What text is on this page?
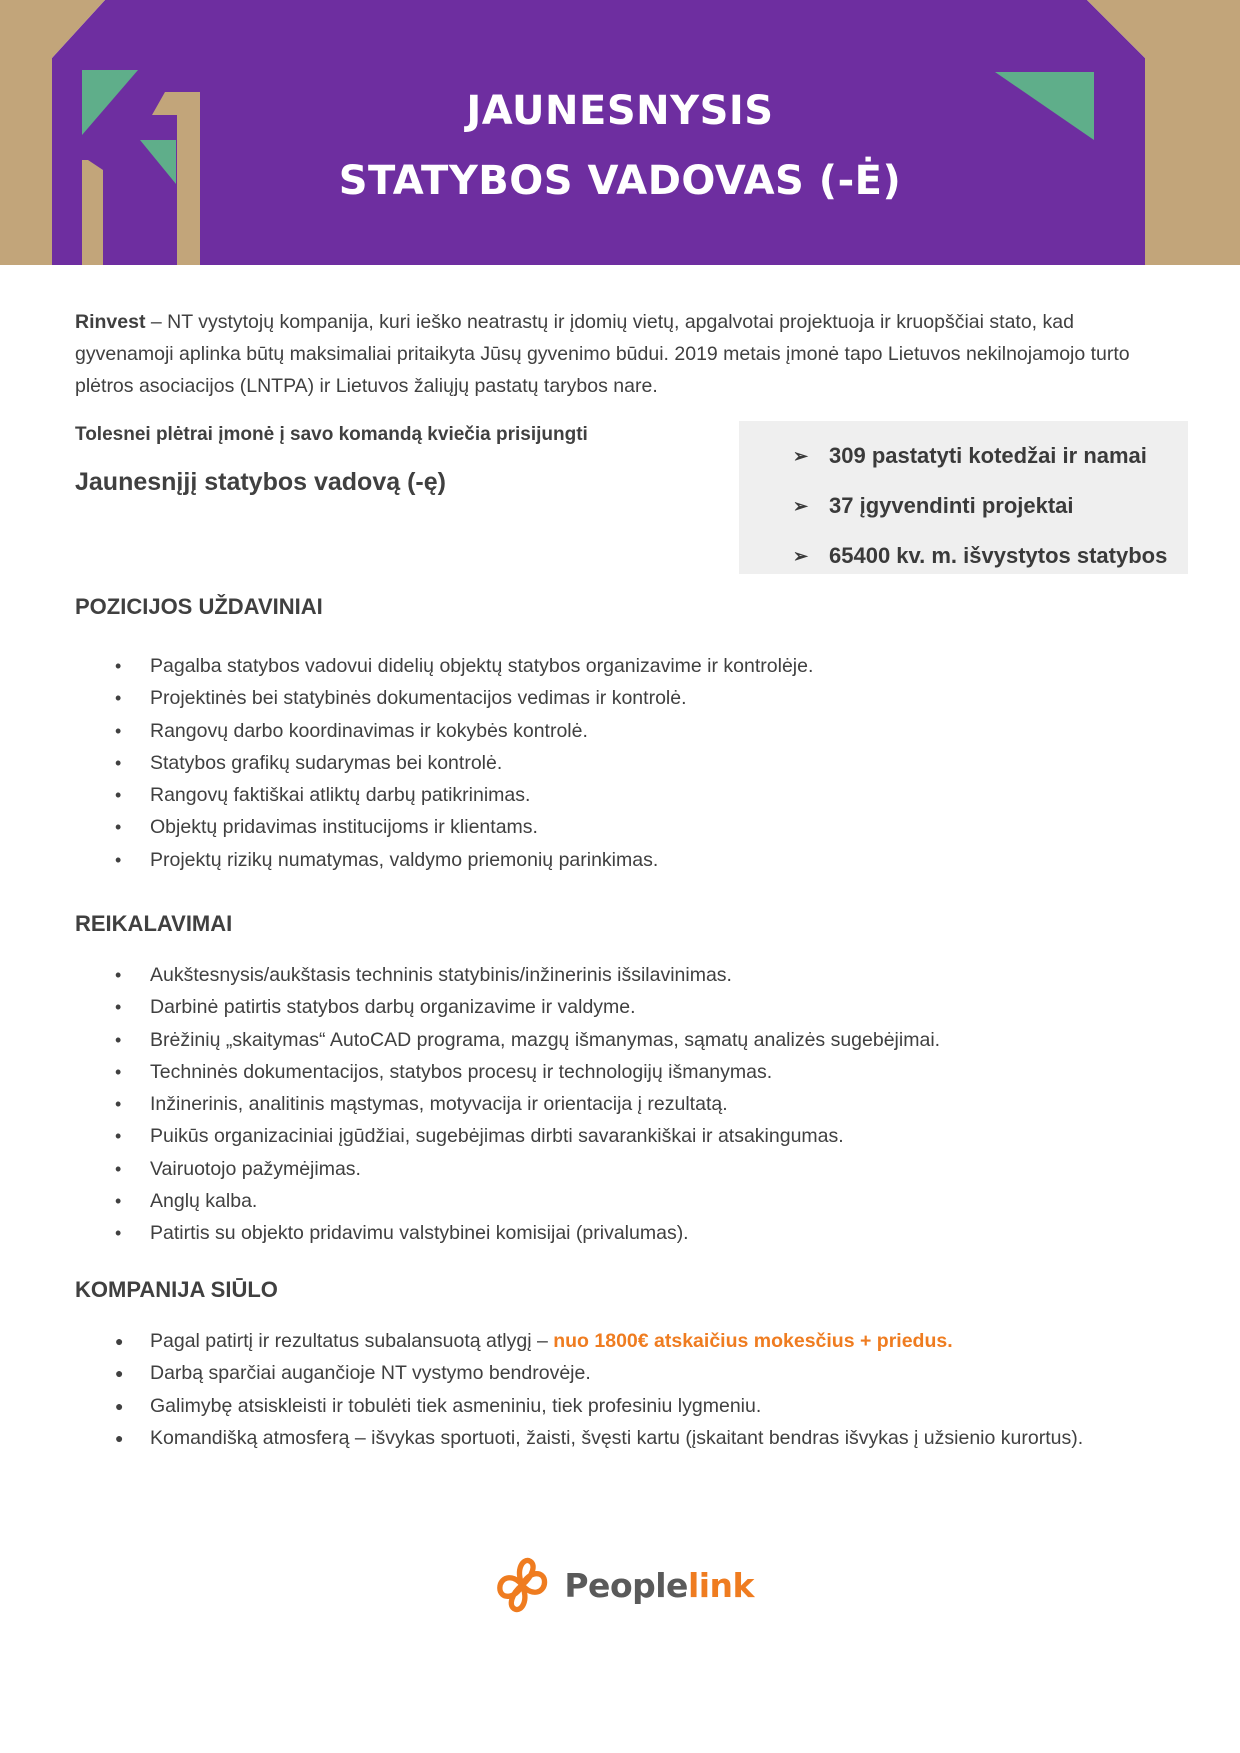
JAUNESNYSIS
STATYBOS VADOVAS (-Ė)

Rinvest – NT vystytojų kompanija, kuri ieško neatrastų ir įdomių vietų, apgalvotai projektuoja ir kruopščiai stato, kad gyvenamoji aplinka būtų maksimaliai pritaikyta Jūsų gyvenimo būdui. 2019 metais įmonė tapo Lietuvos nekilnojamojo turto plėtros asociacijos (LNTPA) ir Lietuvos žaliųjų pastatų tarybos nare.

Tolesnei plėtrai įmonė į savo komandą kviečia prisijungti
Jaunesnįjį statybos vadovą (-ę)
➢ 309 pastatyti kotedžai ir namai
➢ 37 įgyvendinti projektai
➢ 65400 kv. m. išvystytos statybos
POZICIJOS UŽDAVINIAI
• Pagalba statybos vadovui didelių objektų statybos organizavime ir kontrolėje.
• Projektinės bei statybinės dokumentacijos vedimas ir kontrolė.
• Rangovų darbo koordinavimas ir kokybės kontrolė.
• Statybos grafikų sudarymas bei kontrolė.
• Rangovų faktiškai atliktų darbų patikrinimas.
• Objektų pridavimas institucijoms ir klientams.
• Projektų rizikų numatymas, valdymo priemonių parinkimas.
REIKALAVIMAI
• Aukštesnysis/aukštasis techninis statybinis/inžinerinis išsilavinimas.
• Darbinė patirtis statybos darbų organizavime ir valdyme.
• Brėžinių „skaitymas“ AutoCAD programa, mazgų išmanymas, sąmatų analizės sugebėjimai.
• Techninės dokumentacijos, statybos procesų ir technologijų išmanymas.
• Inžinerinis, analitinis mąstymas, motyvacija ir orientacija į rezultatą.
• Puikūs organizaciniai įgūdžiai, sugebėjimas dirbti savarankiškai ir atsakingumas.
• Vairuotojo pažymėjimas.
• Anglų kalba.
• Patirtis su objekto pridavimu valstybinei komisijai (privalumas).
KOMPANIJA SIŪLO
● Pagal patirtį ir rezultatus subalansuotą atlygį – nuo 1800€ atskaičius mokesčius + priedus.
● Darbą sparčiai augančioje NT vystymo bendrovėje.
● Galimybę atsiskleisti ir tobulėti tiek asmeniniu, tiek profesiniu lygmeniu.
● Komandišką atmosferą – išvykas sportuoti, žaisti, švęsti kartu (įskaitant bendras išvykas į užsienio kurortus).
Peoplelink
